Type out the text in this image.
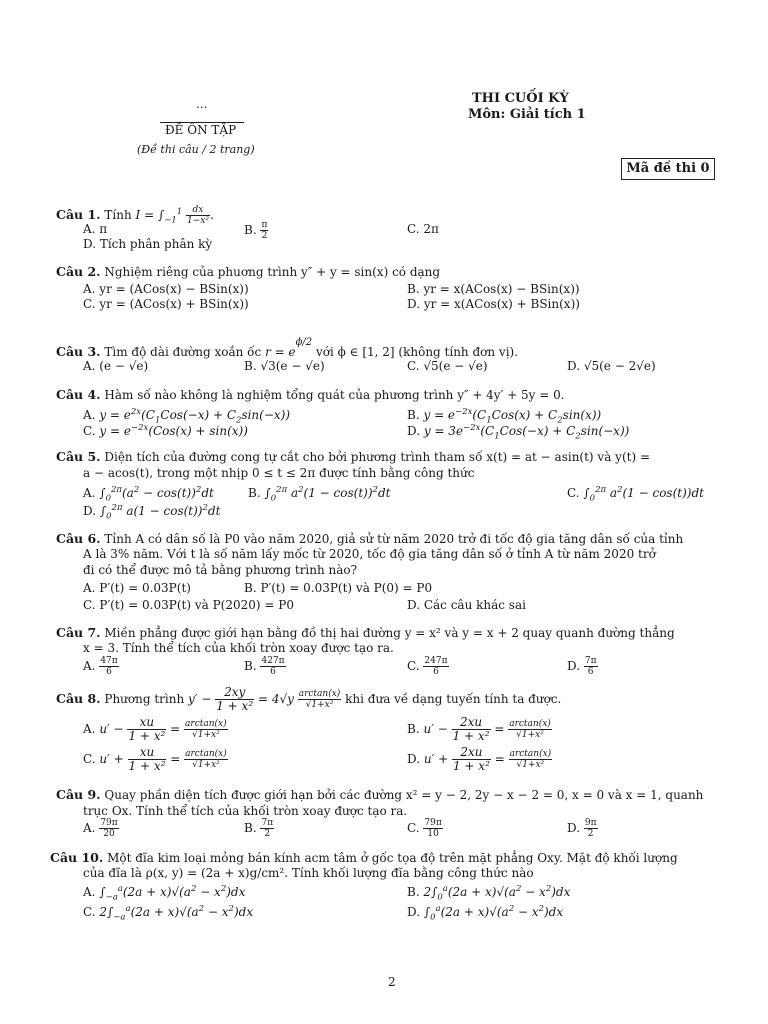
...
ĐỀ ÔN TẬP
(Đề thi câu / 2 trang)
THI CUỐI KỲ
Môn: Giải tích 1
Mã đề thi 0
Câu 1. Tính $I = \int_{-1}^1 \frac{dx}{\text{1−x²}}$ .
A. π	B. $\frac{\pi}{2}$	C. 2π
D. Tích phân phân kỳ
Câu 2. Nghiệm riêng của phuơng trình y″ + y = sin(x) có dạng
A. yr = (ACos(x) − BSin(x))	B. yr = x(ACos(x) − BSin(x))
C. yr = (ACos(x) + BSin(x))	D. yr = x(ACos(x) + BSin(x))
Câu 3. Tìm độ dài đường xoắn ốc $r = e^{\phi/2}$ với ϕ ∈ [1, 2] (không tính đơn vị).
A. (e − √e)	B. √3(e − √e)	C. √5(e − √e)	D. √5(e − 2√e)
Câu 4. Hàm số nào không là nghiệm tổng quát của phương trình y″ + 4y′ + 5y = 0.
A. $y = e^{2x}(C_1Cos(-x) + C_2\sin(-x))$	B. $y = e^{-2x}(C_1Cos(x) + C_2\sin(x))$
C. $y = e^{-2x}(Cos(x) + \sin(x))$	D. $y = 3e^{-2x}(C_1Cos(-x) + C_2\sin(-x))$
Câu 5. Diện tích của đường cong tự cắt cho bởi phương trình tham số x(t) = at − asin(t) và y(t) =
a − acos(t), trong một nhịp 0 ≤ t ≤ 2π được tính bằng công thức
A. $\int_0^{2\pi}(a^2 - \cos(t))^2dt$	B. $\int_0^{2\pi}$ $a^2(1 - \cos(t))^2dt$	C. $\int_0^{2\pi}$ $a^2(1 - \cos(t))dt$
D. $\int_0^{2\pi}$ $a(1 - \cos(t))^2dt$
Câu 6. Tỉnh A có dân số là P0 vào năm 2020, giả sử từ năm 2020 trở đi tốc độ gia tăng dân số của tỉnh
A là 3% năm. Với t là số năm lấy mốc từ 2020, tốc độ gia tăng dân số ở tỉnh A từ năm 2020 trở
đi có thể được mô tả bằng phương trình nào?
A. P′(t) = 0.03P(t)	B. P′(t) = 0.03P(t) và P(0) = P0
C. P′(t) = 0.03P(t) và P(2020) = P0	D. Các câu khác sai
Câu 7. Miền phẳng được giới hạn bằng đồ thị hai đường y = x² và y = x + 2 quay quanh đường thẳng
x = 3. Tính thể tích của khối tròn xoay được tạo ra.
A. $\frac{47\pi}{6}$	B. $\frac{427\pi}{6}$	C. $\frac{247\pi}{6}$	D. $\frac{7\pi}{6}$
Câu 8. Phương trình $y' - \frac{2xy}{\text{1 + x²}} = 4√y \frac{\arctan(x)}{\text{√1+x²}}$ khi đưa về dạng tuyến tính ta được.
A. $u' - \frac{xu}{\text{1 + x²}} = \frac{\arctan(x)}{\text{√1+x²}}$	B. $u' - \frac{2xu}{\text{1 + x²}} = \frac{\arctan(x)}{\text{√1+x²}}$
C. $u' + \frac{xu}{\text{1 + x²}} = \frac{\arctan(x)}{\text{√1+x²}}$	D. $u' + \frac{2xu}{\text{1 + x²}} = \frac{\arctan(x)}{\text{√1+x²}}$
Câu 9. Quay phần diện tích được giới hạn bởi các đường x² = y − 2, 2y − x − 2 = 0, x = 0 và x = 1, quanh
trục Ox. Tính thể tích của khối tròn xoay được tạo ra.
A. $\frac{79\pi}{20}$	B. $\frac{7\pi}{2}$	C. $\frac{79\pi}{10}$	D. $\frac{9\pi}{2}$
Câu 10. Một đĩa kim loại mỏng bán kính acm tâm ở gốc tọa độ trên mặt phẳng Oxy. Mặt độ khối lượng
của đĩa là ρ(x, y) = (2a + x)g/cm². Tính khối lượng đĩa bằng công thức nào
A. $\int_{-a}^a(2a + x)√(a^2 - x^2)dx$	B. $2\int_0^a(2a + x)√(a^2 - x^2)dx$
C. $2\int_{-a}^a(2a + x)√(a^2 - x^2)dx$	D. $\int_0^a(2a + x)√(a^2 - x^2)dx$
2
